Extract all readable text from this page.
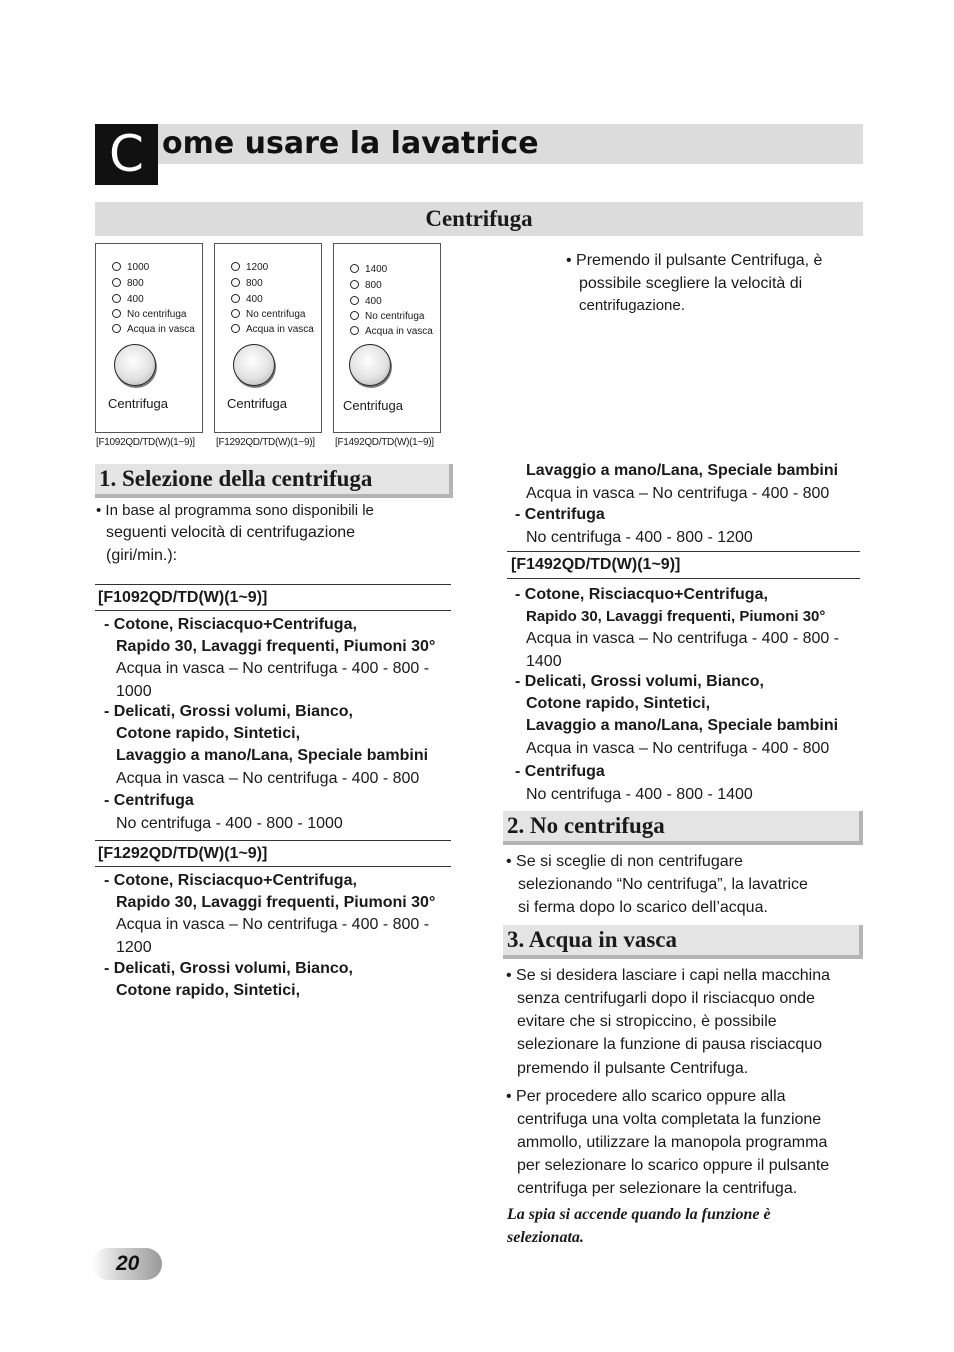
C ome usare la lavatrice
Centrifuga
1000
800
400
No centrifuga
Acqua in vasca
Centrifuga
1200
800
400
No centrifuga
Acqua in vasca
Centrifuga
1400
800
400
No centrifuga
Acqua in vasca
Centrifuga
[F1092QD/TD(W)(1~9)] [F1292QD/TD(W)(1~9)] [F1492QD/TD(W)(1~9)]
• Premendo il pulsante Centrifuga, è
possibile scegliere la velocità di
centrifugazione.
1. Selezione della centrifuga
• In base al programma sono disponibili le
seguenti velocità di centrifugazione
(giri/min.):
[F1092QD/TD(W)(1~9)]
- Cotone, Risciacquo+Centrifuga,
Rapido 30, Lavaggi frequenti, Piumoni 30°
Acqua in vasca – No centrifuga - 400 - 800 -
1000
- Delicati, Grossi volumi, Bianco,
Cotone rapido, Sintetici,
Lavaggio a mano/Lana, Speciale bambini
Acqua in vasca – No centrifuga - 400 - 800
- Centrifuga
No centrifuga - 400 - 800 - 1000
[F1292QD/TD(W)(1~9)]
- Cotone, Risciacquo+Centrifuga,
Rapido 30, Lavaggi frequenti, Piumoni 30°
Acqua in vasca – No centrifuga - 400 - 800 -
1200
- Delicati, Grossi volumi, Bianco,
Cotone rapido, Sintetici,
Lavaggio a mano/Lana, Speciale bambini
Acqua in vasca – No centrifuga - 400 - 800
- Centrifuga
No centrifuga - 400 - 800 - 1200
[F1492QD/TD(W)(1~9)]
- Cotone, Risciacquo+Centrifuga,
Rapido 30, Lavaggi frequenti, Piumoni 30°
Acqua in vasca – No centrifuga - 400 - 800 -
1400
- Delicati, Grossi volumi, Bianco,
Cotone rapido, Sintetici,
Lavaggio a mano/Lana, Speciale bambini
Acqua in vasca – No centrifuga - 400 - 800
- Centrifuga
No centrifuga - 400 - 800 - 1400
2. No centrifuga
• Se si sceglie di non centrifugare
selezionando “No centrifuga”, la lavatrice
si ferma dopo lo scarico dell’acqua.
3. Acqua in vasca
• Se si desidera lasciare i capi nella macchina
senza centrifugarli dopo il risciacquo onde
evitare che si stropiccino, è possibile
selezionare la funzione di pausa risciacquo
premendo il pulsante Centrifuga.
• Per procedere allo scarico oppure alla
centrifuga una volta completata la funzione
ammollo, utilizzare la manopola programma
per selezionare lo scarico oppure il pulsante
centrifuga per selezionare la centrifuga.
La spia si accende quando la funzione è
selezionata.
20
